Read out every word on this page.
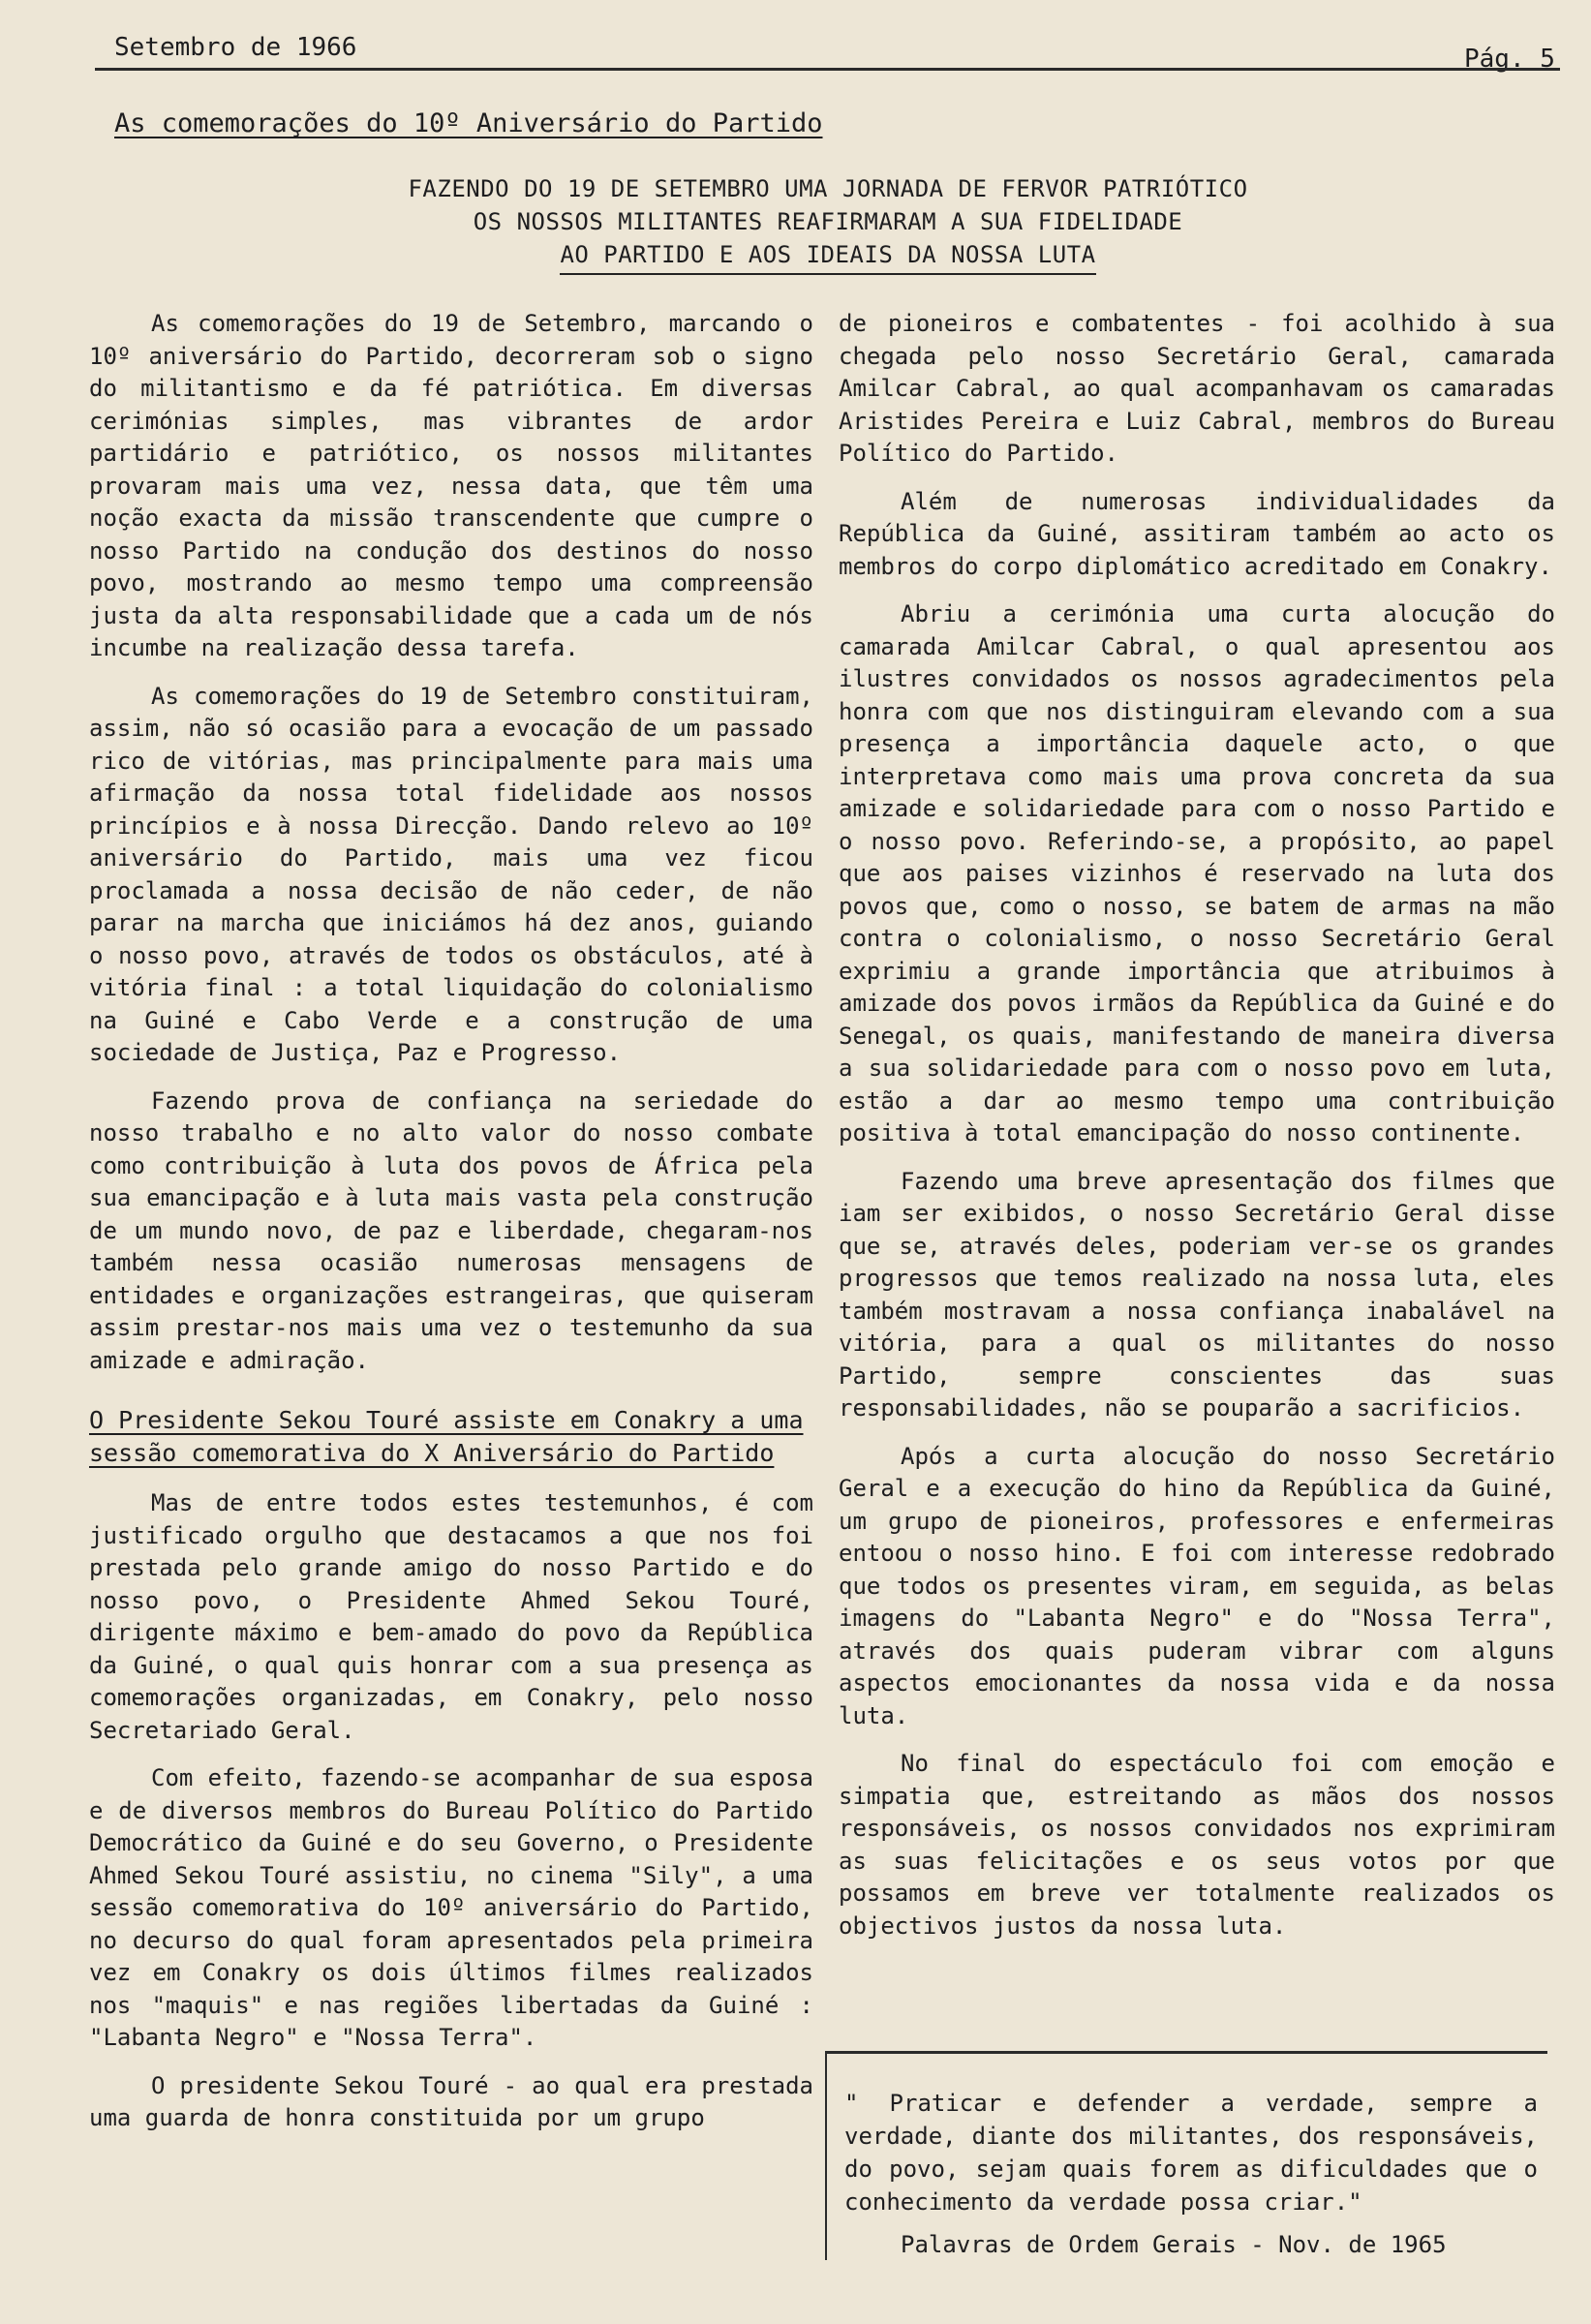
Setembro de 1966	Pág. 5
As comemorações do 10º Aniversário do Partido
FAZENDO DO 19 DE SETEMBRO UMA JORNADA DE FERVOR PATRIÓTICO
OS NOSSOS MILITANTES REAFIRMARAM A SUA FIDELIDADE
AO PARTIDO E AOS IDEAIS DA NOSSA LUTA

As comemorações do 19 de Setembro, marcando o 10º aniversário do Partido, decorreram sob o signo do militantismo e da fé patriótica. Em diversas cerimónias simples, mas vibrantes de ardor partidário e patriótico, os nossos militantes provaram mais uma vez, nessa data, que têm uma noção exacta da missão transcendente que cumpre o nosso Partido na condução dos destinos do nosso povo, mostrando ao mesmo tempo uma compreensão justa da alta responsabilidade que a cada um de nós incumbe na realização dessa tarefa.

As comemorações do 19 de Setembro constituiram, assim, não só ocasião para a evocação de um passado rico de vitórias, mas principalmente para mais uma afirmação da nossa total fidelidade aos nossos princípios e à nossa Direcção. Dando relevo ao 10º aniversário do Partido, mais uma vez ficou proclamada a nossa decisão de não ceder, de não parar na marcha que iniciámos há dez anos, guiando o nosso povo, através de todos os obstáculos, até à vitória final : a total liquidação do colonialismo na Guiné e Cabo Verde e a construção de uma sociedade de Justiça, Paz e Progresso.

Fazendo prova de confiança na seriedade do nosso trabalho e no alto valor do nosso combate como contribuição à luta dos povos de África pela sua emancipação e à luta mais vasta pela construção de um mundo novo, de paz e liberdade, chegaram-nos também nessa ocasião numerosas mensagens de entidades e organizações estrangeiras, que quiseram assim prestar-nos mais uma vez o testemunho da sua amizade e admiração.

O Presidente Sekou Touré assiste em Conakry a uma sessão comemorativa do X Aniversário do Partido

Mas de entre todos estes testemunhos, é com justificado orgulho que destacamos a que nos foi prestada pelo grande amigo do nosso Partido e do nosso povo, o Presidente Ahmed Sekou Touré, dirigente máximo e bem-amado do povo da República da Guiné, o qual quis honrar com a sua presença as comemorações organizadas, em Conakry, pelo nosso Secretariado Geral.

Com efeito, fazendo-se acompanhar de sua esposa e de diversos membros do Bureau Político do Partido Democrático da Guiné e do seu Governo, o Presidente Ahmed Sekou Touré assistiu, no cinema "Sily", a uma sessão comemorativa do 10º aniversário do Partido, no decurso do qual foram apresentados pela primeira vez em Conakry os dois últimos filmes realizados nos "maquis" e nas regiões libertadas da Guiné : "Labanta Negro" e "Nossa Terra".

O presidente Sekou Touré - ao qual era prestada uma guarda de honra constituida por um grupo

de pioneiros e combatentes - foi acolhido à sua chegada pelo nosso Secretário Geral, camarada Amilcar Cabral, ao qual acompanhavam os camaradas Aristides Pereira e Luiz Cabral, membros do Bureau Político do Partido.

Além de numerosas individualidades da República da Guiné, assitiram também ao acto os membros do corpo diplomático acreditado em Conakry.

Abriu a cerimónia uma curta alocução do camarada Amilcar Cabral, o qual apresentou aos ilustres convidados os nossos agradecimentos pela honra com que nos distinguiram elevando com a sua presença a importância daquele acto, o que interpretava como mais uma prova concreta da sua amizade e solidariedade para com o nosso Partido e o nosso povo. Referindo-se, a propósito, ao papel que aos paises vizinhos é reservado na luta dos povos que, como o nosso, se batem de armas na mão contra o colonialismo, o nosso Secretário Geral exprimiu a grande importância que atribuimos à amizade dos povos irmãos da República da Guiné e do Senegal, os quais, manifestando de maneira diversa a sua solidariedade para com o nosso povo em luta, estão a dar ao mesmo tempo uma contribuição positiva à total emancipação do nosso continente.

Fazendo uma breve apresentação dos filmes que iam ser exibidos, o nosso Secretário Geral disse que se, através deles, poderiam ver-se os grandes progressos que temos realizado na nossa luta, eles também mostravam a nossa confiança inabalável na vitória, para a qual os militantes do nosso Partido, sempre conscientes das suas responsabilidades, não se pouparão a sacrificios.

Após a curta alocução do nosso Secretário Geral e a execução do hino da República da Guiné, um grupo de pioneiros, professores e enfermeiras entoou o nosso hino. E foi com interesse redobrado que todos os presentes viram, em seguida, as belas imagens do "Labanta Negro" e do "Nossa Terra", através dos quais puderam vibrar com alguns aspectos emocionantes da nossa vida e da nossa luta.

No final do espectáculo foi com emoção e simpatia que, estreitando as mãos dos nossos responsáveis, os nossos convidados nos exprimiram as suas felicitações e os seus votos por que possamos em breve ver totalmente realizados os objectivos justos da nossa luta.

" Praticar e defender a verdade, sempre a verdade, diante dos militantes, dos responsáveis, do povo, sejam quais forem as dificuldades que o conhecimento da verdade possa criar."
Palavras de Ordem Gerais - Nov. de 1965
